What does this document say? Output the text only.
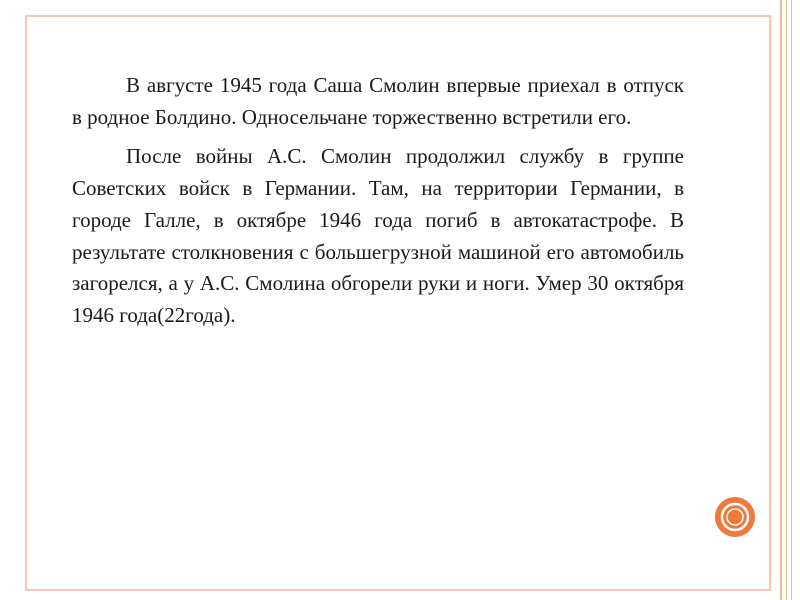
В августе 1945 года Саша Смолин впервые приехал в отпуск в родное Болдино. Односельчане торжественно встретили его.

После войны А.С. Смолин продолжил службу в группе Советских войск в Германии. Там, на территории Германии, в городе Галле, в октябре 1946 года погиб в автокатастрофе. В результате столкновения с большегрузной машиной его автомобиль загорелся, а у А.С. Смолина обгорели руки и ноги. Умер 30 октября 1946 года(22года).
